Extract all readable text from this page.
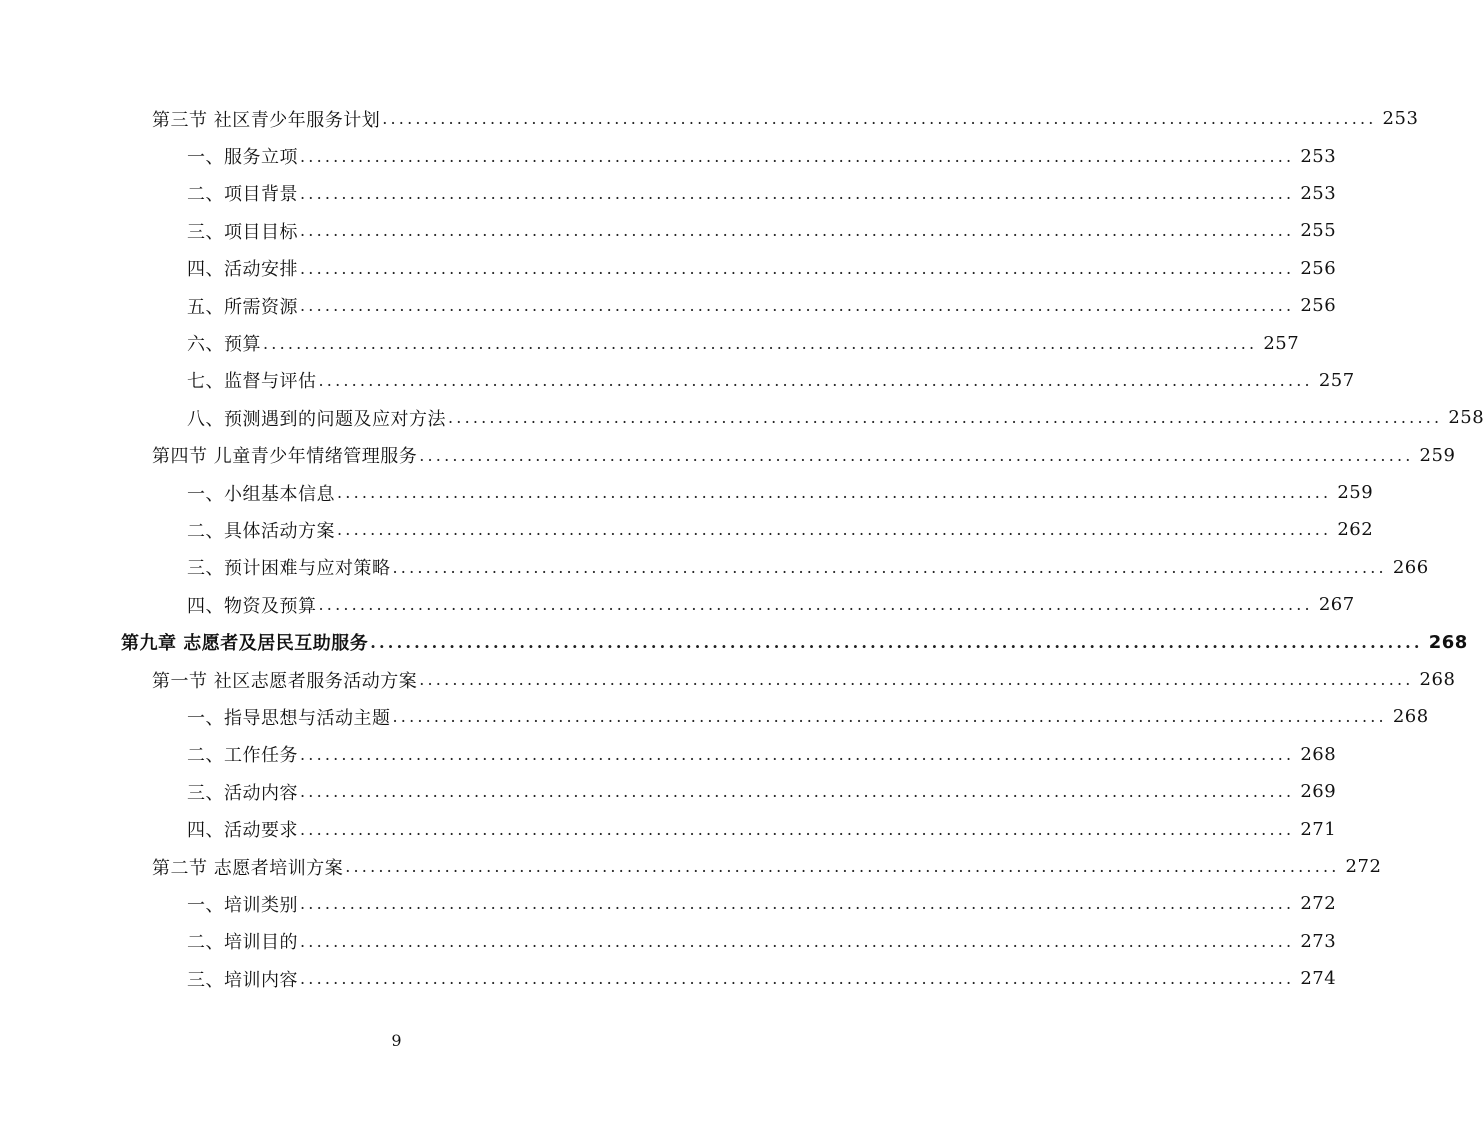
第三节 社区青少年服务计划 ........................................................................................................................ 253
一、服务立项 ........................................................................................................................ 253
二、项目背景 ........................................................................................................................ 253
三、项目目标 ........................................................................................................................ 255
四、活动安排 ........................................................................................................................ 256
五、所需资源 ........................................................................................................................ 256
六、预算 ........................................................................................................................ 257
七、监督与评估 ........................................................................................................................ 257
八、预测遇到的问题及应对方法 ........................................................................................................................ 258
第四节 儿童青少年情绪管理服务 ........................................................................................................................ 259
一、小组基本信息 ........................................................................................................................ 259
二、具体活动方案 ........................................................................................................................ 262
三、预计困难与应对策略 ........................................................................................................................ 266
四、物资及预算 ........................................................................................................................ 267
第九章 志愿者及居民互助服务 ........................................................................................................................ 268
第一节 社区志愿者服务活动方案 ........................................................................................................................ 268
一、指导思想与活动主题 ........................................................................................................................ 268
二、工作任务 ........................................................................................................................ 268
三、活动内容 ........................................................................................................................ 269
四、活动要求 ........................................................................................................................ 271
第二节 志愿者培训方案 ........................................................................................................................ 272
一、培训类别 ........................................................................................................................ 272
二、培训目的 ........................................................................................................................ 273
三、培训内容 ........................................................................................................................ 274
9
